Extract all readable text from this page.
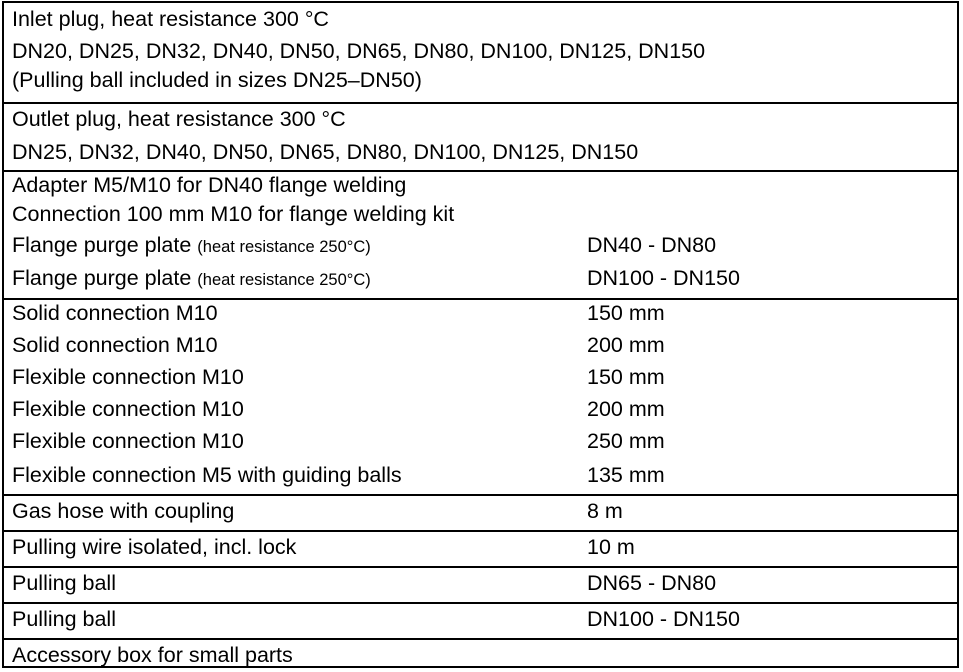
Inlet plug, heat resistance 300 °C
DN20, DN25, DN32, DN40, DN50, DN65, DN80, DN100, DN125, DN150
(Pulling ball included in sizes DN25–DN50)
Outlet plug, heat resistance 300 °C
DN25, DN32, DN40, DN50, DN65, DN80, DN100, DN125, DN150
Adapter M5/M10 for DN40 flange welding
Connection 100 mm M10 for flange welding kit
Flange purge plate (heat resistance 250°C)	DN40 - DN80
Flange purge plate (heat resistance 250°C)	DN100 - DN150
Solid connection M10	150 mm
Solid connection M10	200 mm
Flexible connection M10	150 mm
Flexible connection M10	200 mm
Flexible connection M10	250 mm
Flexible connection M5 with guiding balls	135 mm
Gas hose with coupling	8 m
Pulling wire isolated, incl. lock	10 m
Pulling ball	DN65 - DN80
Pulling ball	DN100 - DN150
Accessory box for small parts
